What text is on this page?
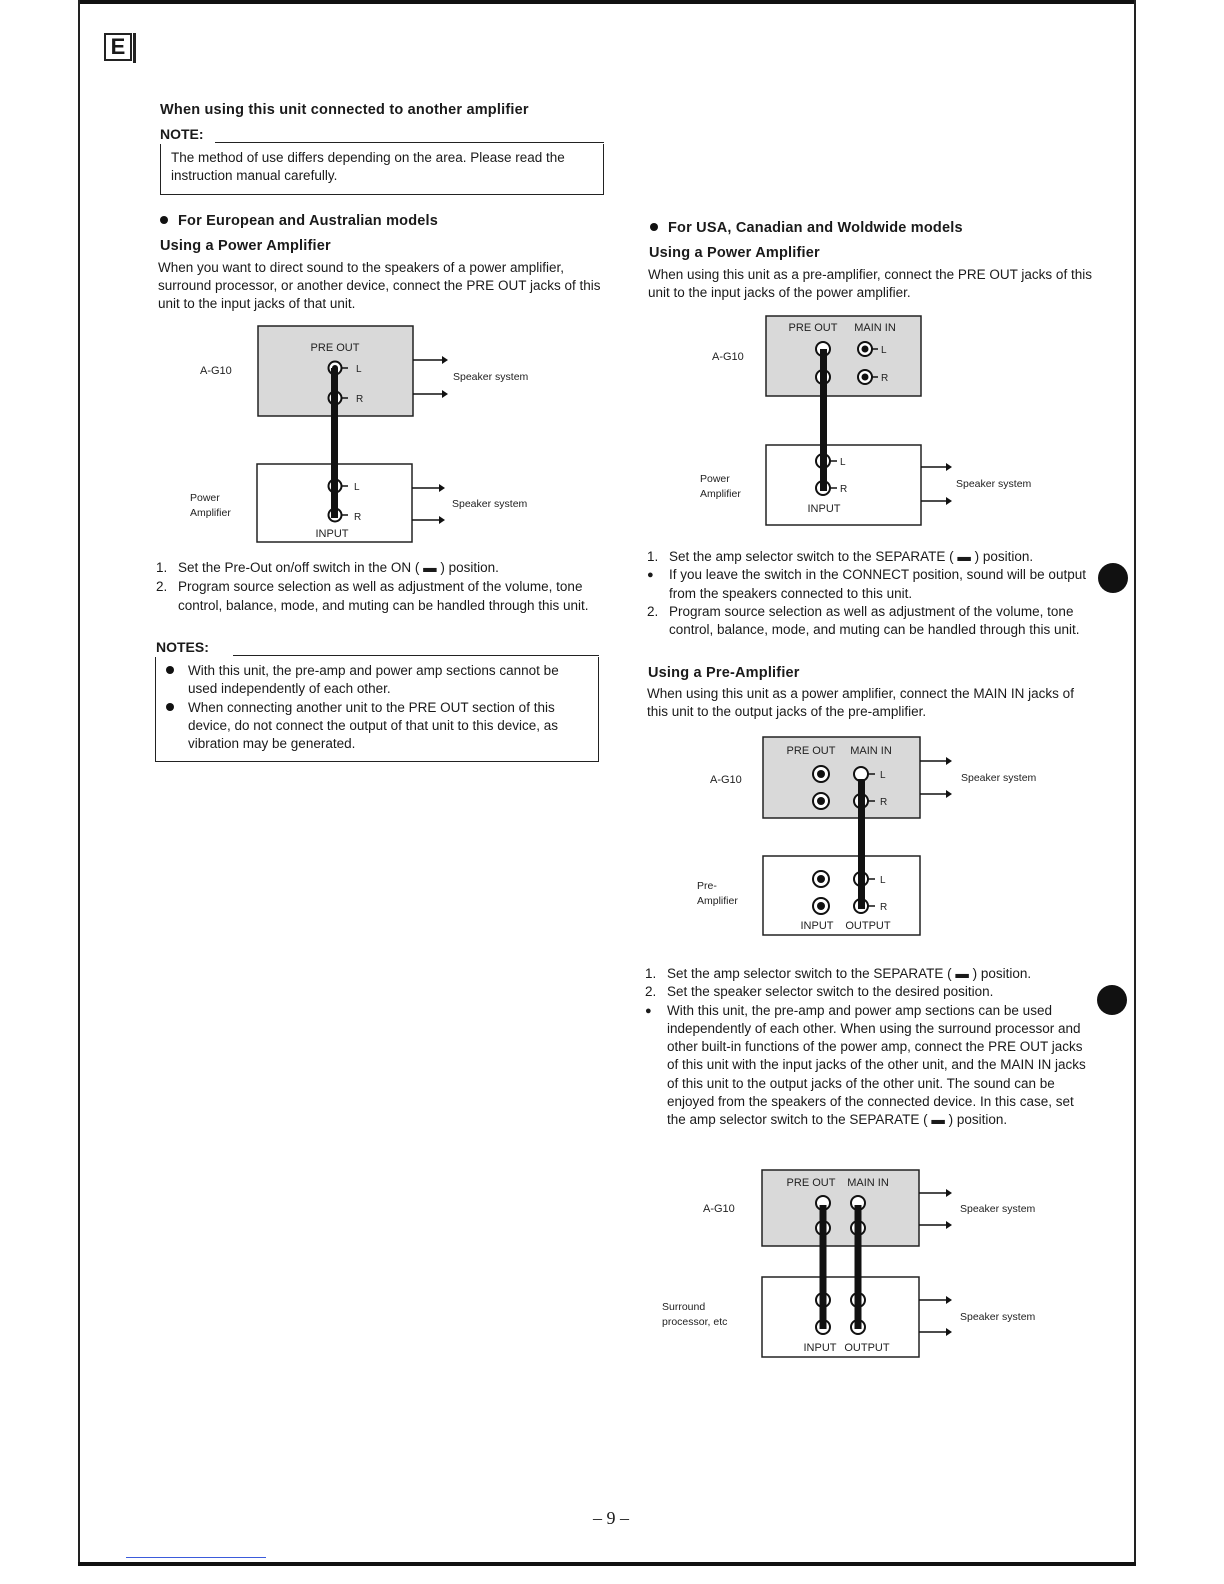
E
When using this unit connected to another amplifier
NOTE:
The method of use differs depending on the area. Please read the instruction manual carefully.
For European and Australian models
Using a Power Amplifier
When you want to direct sound to the speakers of a power amplifier, surround processor, or another device, connect the PRE OUT jacks of this unit to the input jacks of that unit.
A-G10
PRE OUT
L
R
Speaker system
Power
Amplifier
L
R
INPUT
Speaker system
1. Set the Pre-Out on/off switch in the ON ( ▬ ) position.
2. Program source selection as well as adjustment of the volume, tone control, balance, mode, and muting can be handled through this unit.
NOTES:
With this unit, the pre-amp and power amp sections cannot be used independently of each other.
When connecting another unit to the PRE OUT section of this device, do not connect the output of that unit to this device, as vibration may be generated.
For USA, Canadian and Woldwide models
Using a Power Amplifier
When using this unit as a pre-amplifier, connect the PRE OUT jacks of this unit to the input jacks of the power amplifier.
A-G10
PRE OUT MAIN IN
L
R
Power
Amplifier
L
R
INPUT
Speaker system
1. Set the amp selector switch to the SEPARATE ( ▬ ) position.
● If you leave the switch in the CONNECT position, sound will be output from the speakers connected to this unit.
2. Program source selection as well as adjustment of the volume, tone control, balance, mode, and muting can be handled through this unit.
Using a Pre-Amplifier
When using this unit as a power amplifier, connect the MAIN IN jacks of this unit to the output jacks of the pre-amplifier.
A-G10
PRE OUT MAIN IN
L
R
Speaker system
Pre-
Amplifier
L
R
INPUT OUTPUT
1. Set the amp selector switch to the SEPARATE ( ▬ ) position.
2. Set the speaker selector switch to the desired position.
● With this unit, the pre-amp and power amp sections can be used independently of each other. When using the surround processor and other built-in functions of the power amp, connect the PRE OUT jacks of this unit with the input jacks of the other unit, and the MAIN IN jacks of this unit to the output jacks of the other unit. The sound can be enjoyed from the speakers of the connected device. In this case, set the amp selector switch to the SEPARATE ( ▬ ) position.
A-G10
PRE OUT MAIN IN
Speaker system
Surround
processor, etc
INPUT OUTPUT
Speaker system
– 9 –
